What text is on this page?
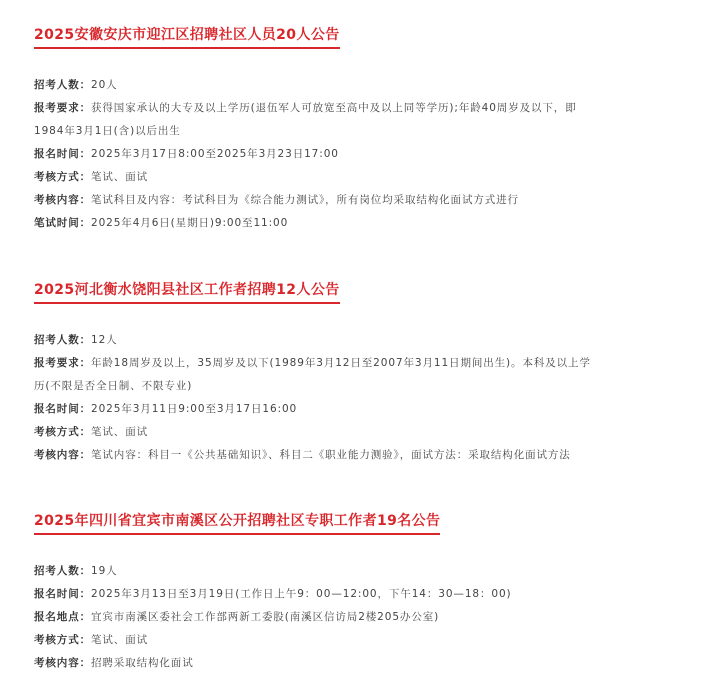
2025安徽安庆市迎江区招聘社区人员20人公告
招考人数：20人
报考要求：获得国家承认的大专及以上学历(退伍军人可放宽至高中及以上同等学历);年龄40周岁及以下，即1984年3月1日(含)以后出生
报名时间：2025年3月17日8:00至2025年3月23日17:00
考核方式：笔试、面试
考核内容：笔试科目及内容：考试科目为《综合能力测试》，所有岗位均采取结构化面试方式进行
笔试时间：2025年4月6日(星期日)9:00至11:00
2025河北衡水饶阳县社区工作者招聘12人公告
招考人数：12人
报考要求：年龄18周岁及以上，35周岁及以下(1989年3月12日至2007年3月11日期间出生)。本科及以上学历(不限是否全日制、不限专业)
报名时间：2025年3月11日9:00至3月17日16:00
考核方式：笔试、面试
考核内容：笔试内容：科目一《公共基础知识》、科目二《职业能力测验》，面试方法：采取结构化面试方法
2025年四川省宜宾市南溪区公开招聘社区专职工作者19名公告
招考人数：19人
报名时间：2025年3月13日至3月19日(工作日上午9：00—12:00，下午14：30—18：00)
报名地点：宜宾市南溪区委社会工作部两新工委股(南溪区信访局2楼205办公室)
考核方式：笔试、面试
考核内容：招聘采取结构化面试
